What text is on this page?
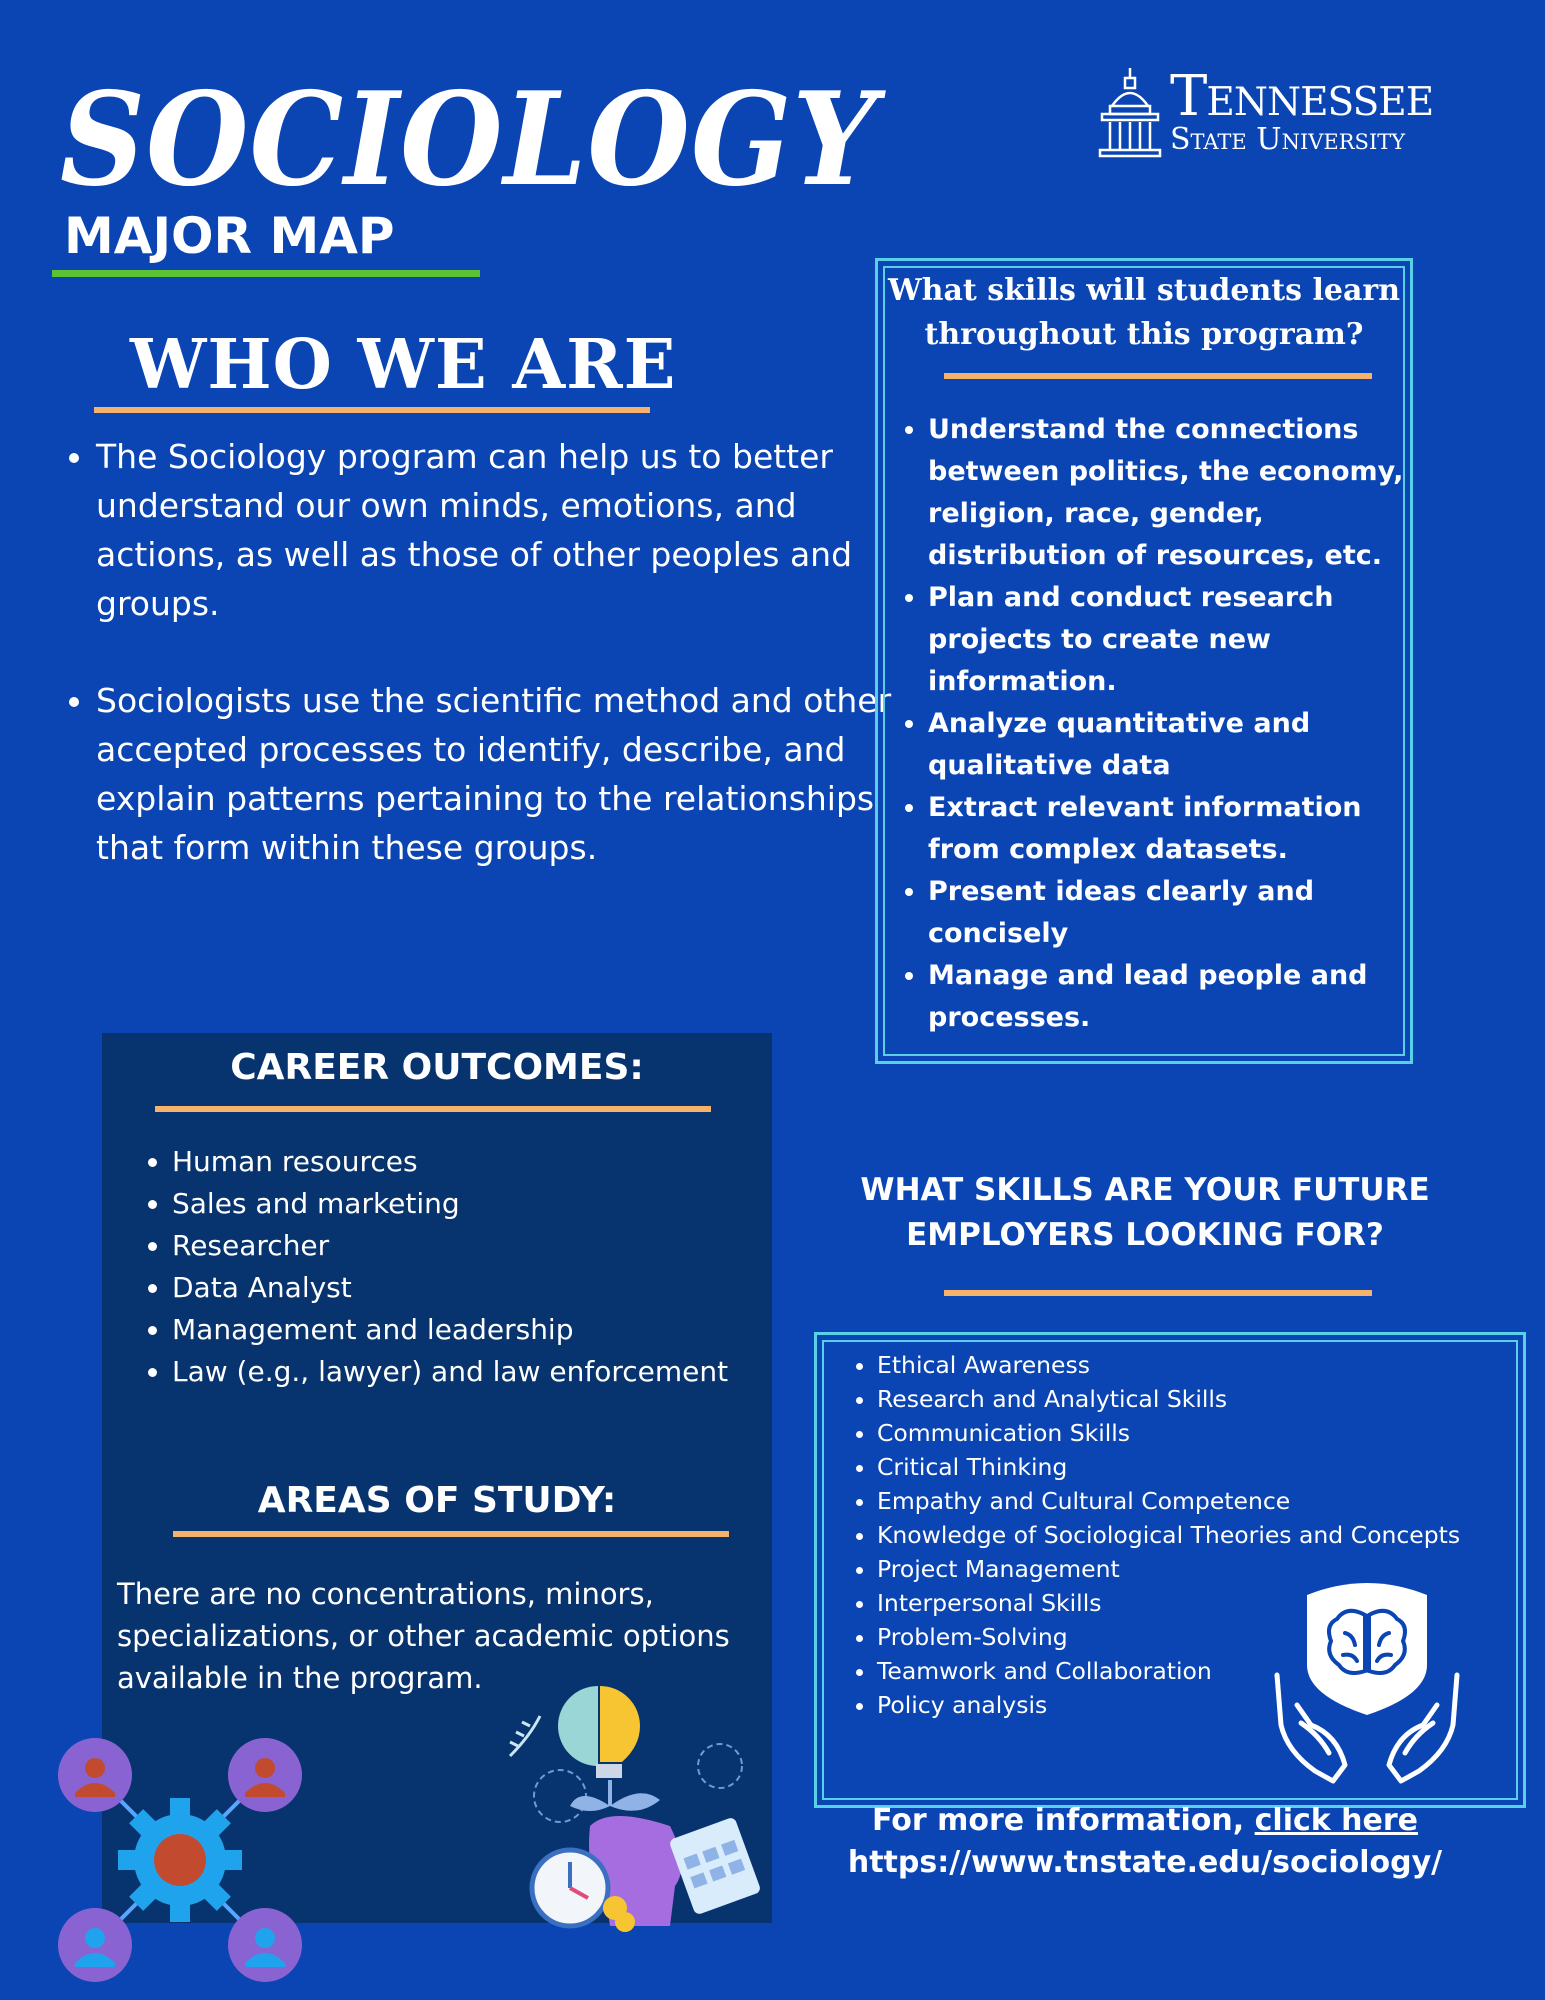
SOCIOLOGY
MAJOR MAP
Tennessee
State University
WHO WE ARE
• The Sociology program can help us to better understand our own minds, emotions, and actions, as well as those of other peoples and groups.
• Sociologists use the scientific method and other accepted processes to identify, describe, and explain patterns pertaining to the relationships that form within these groups.
What skills will students learn throughout this program?
• Understand the connections between politics, the economy, religion, race, gender, distribution of resources, etc.
• Plan and conduct research projects to create new information.
• Analyze quantitative and qualitative data
• Extract relevant information from complex datasets.
• Present ideas clearly and concisely
• Manage and lead people and processes.
CAREER OUTCOMES:
• Human resources
• Sales and marketing
• Researcher
• Data Analyst
• Management and leadership
• Law (e.g., lawyer) and law enforcement
AREAS OF STUDY:

There are no concentrations, minors, specializations, or other academic options available in the program.

WHAT SKILLS ARE YOUR FUTURE EMPLOYERS LOOKING FOR?
• Ethical Awareness
• Research and Analytical Skills
• Communication Skills
• Critical Thinking
• Empathy and Cultural Competence
• Knowledge of Sociological Theories and Concepts
• Project Management
• Interpersonal Skills
• Problem-Solving
• Teamwork and Collaboration
• Policy analysis
For more information, click here
https://www.tnstate.edu/sociology/
